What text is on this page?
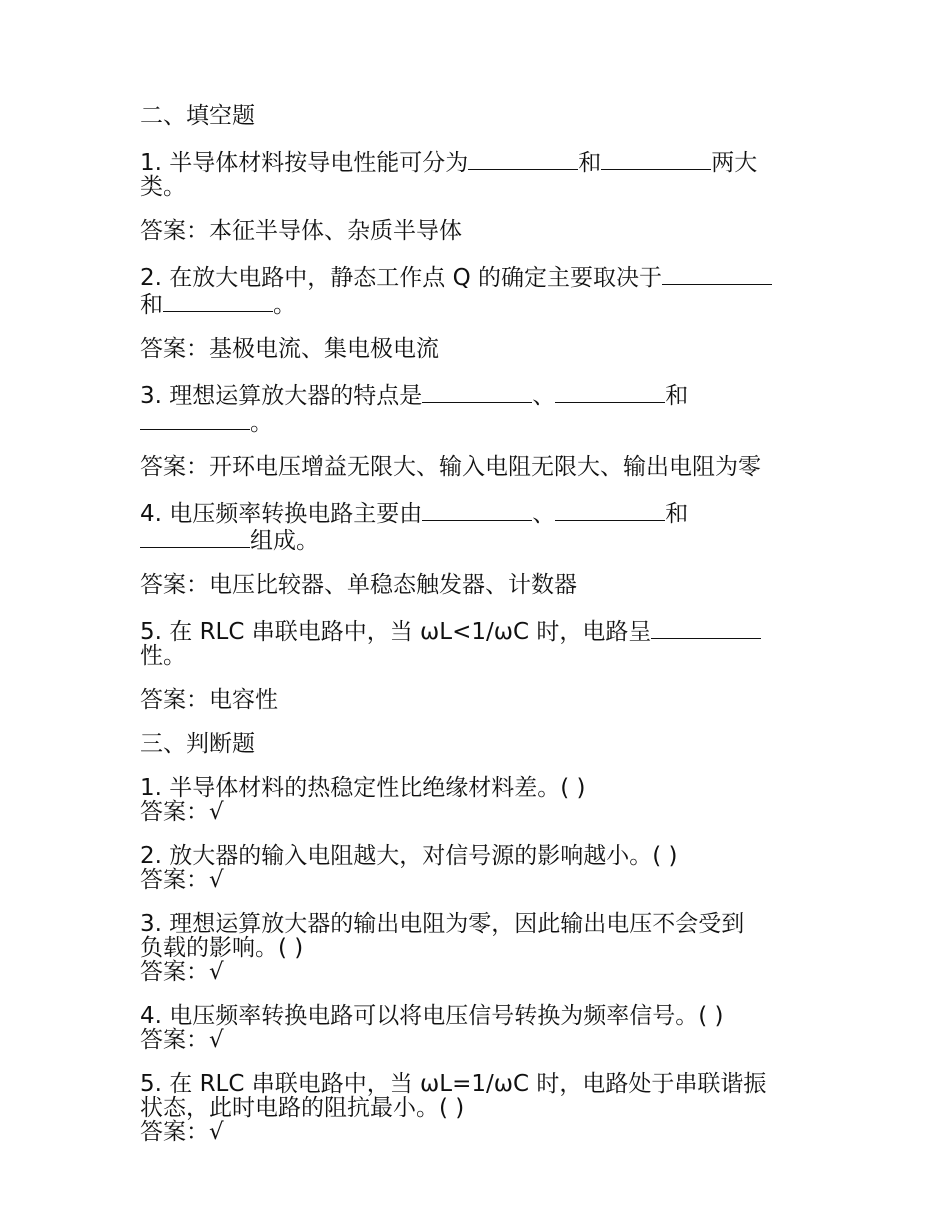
二、填空题
1. 半导体材料按导电性能可分为	和	两大
类。
答案：本征半导体、杂质半导体
2. 在放大电路中，静态工作点 Q 的确定主要取决于
和	。
答案：基极电流、集电极电流
3. 理想运算放大器的特点是	、	和
。
答案：开环电压增益无限大、输入电阻无限大、输出电阻为零
4. 电压频率转换电路主要由	、	和
组成。
答案：电压比较器、单稳态触发器、计数器
5. 在 RLC 串联电路中，当 ωL<1/ωC 时，电路呈
性。
答案：电容性
三、判断题
1. 半导体材料的热稳定性比绝缘材料差。( )
答案：√
2. 放大器的输入电阻越大，对信号源的影响越小。( )
答案：√
3. 理想运算放大器的输出电阻为零，因此输出电压不会受到
负载的影响。( )
答案：√
4. 电压频率转换电路可以将电压信号转换为频率信号。( )
答案：√
5. 在 RLC 串联电路中，当 ωL=1/ωC 时，电路处于串联谐振
状态，此时电路的阻抗最小。( )
答案：√
